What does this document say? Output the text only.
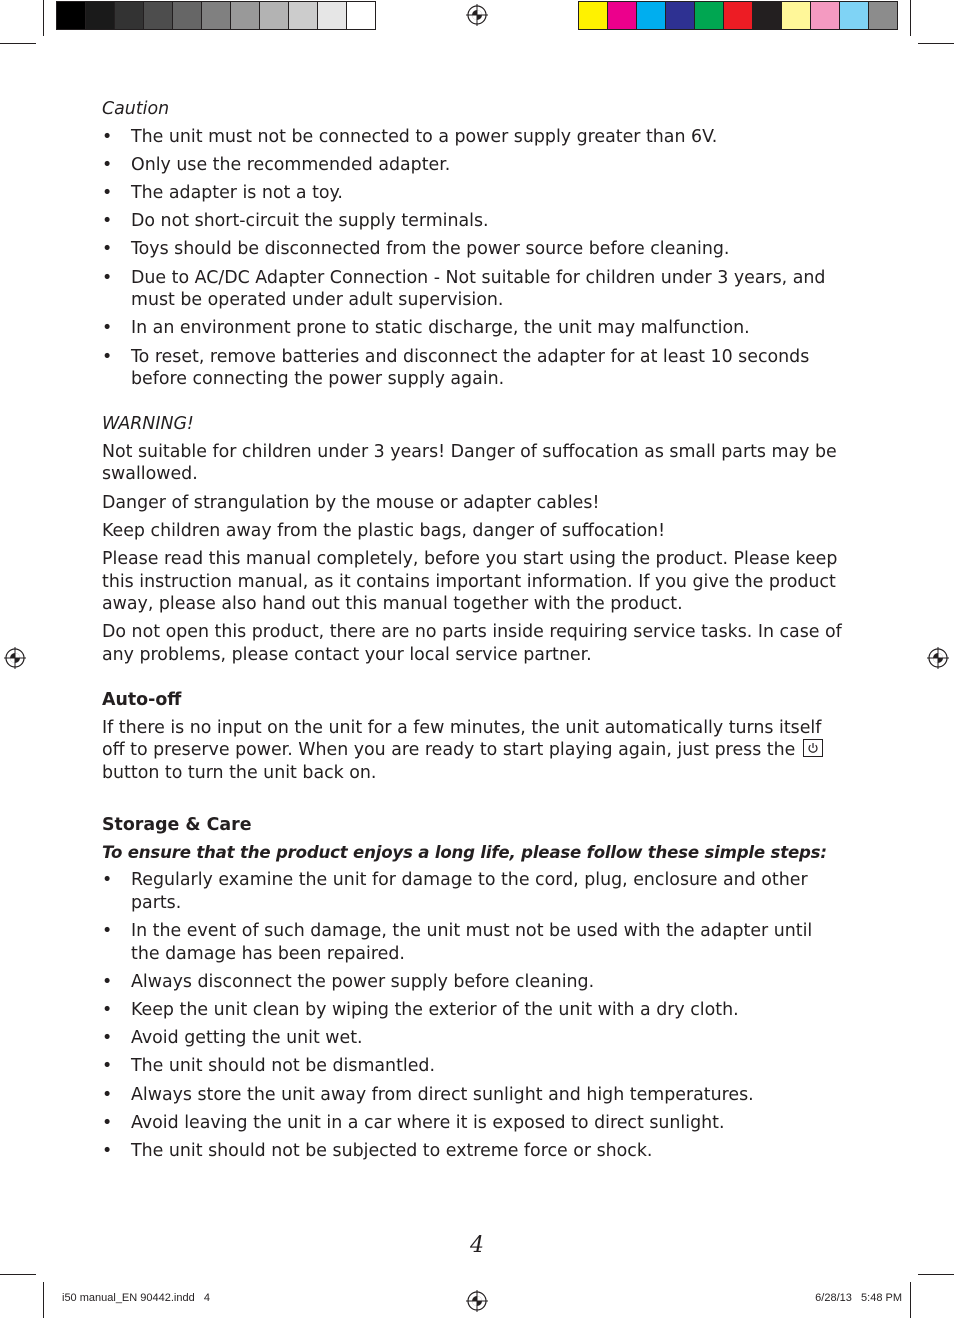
Caution
• The unit must not be connected to a power supply greater than 6V.
• Only use the recommended adapter.
• The adapter is not a toy.
• Do not short-circuit the supply terminals.
• Toys should be disconnected from the power source before cleaning.
• Due to AC/DC Adapter Connection - Not suitable for children under 3 years, and must be operated under adult supervision.
• In an environment prone to static discharge, the unit may malfunction.
• To reset, remove batteries and disconnect the adapter for at least 10 seconds before connecting the power supply again.
WARNING!

Not suitable for children under 3 years! Danger of suffocation as small parts may be swallowed.

Danger of strangulation by the mouse or adapter cables!

Keep children away from the plastic bags, danger of suffocation!

Please read this manual completely, before you start using the product. Please keep this instruction manual, as it contains important information. If you give the product away, please also hand out this manual together with the product.

Do not open this product, there are no parts inside requiring service tasks. In case of any problems, please contact your local service partner.

Auto-off

If there is no input on the unit for a few minutes, the unit automatically turns itself off to preserve power. When you are ready to start playing again, just press the
button to turn the unit back on.

Storage & Care
To ensure that the product enjoys a long life, please follow these simple steps:
• Regularly examine the unit for damage to the cord, plug, enclosure and other parts.
• In the event of such damage, the unit must not be used with the adapter until the damage has been repaired.
• Always disconnect the power supply before cleaning.
• Keep the unit clean by wiping the exterior of the unit with a dry cloth.
• Avoid getting the unit wet.
• The unit should not be dismantled.
• Always store the unit away from direct sunlight and high temperatures.
• Avoid leaving the unit in a car where it is exposed to direct sunlight.
• The unit should not be subjected to extreme force or shock.
4
i50 manual_EN 90442.indd   4	6/28/13   5:48 PM
